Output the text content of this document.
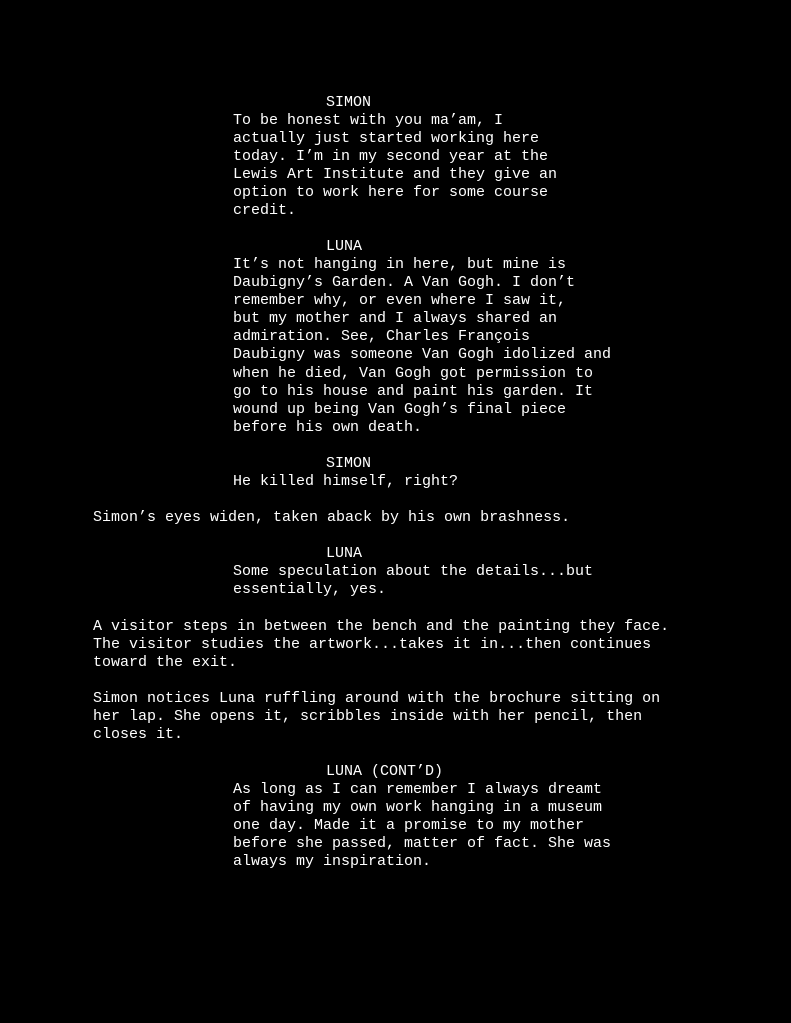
SIMON
To be honest with you ma’am, I
actually just started working here
today. I’m in my second year at the
Lewis Art Institute and they give an
option to work here for some course
credit.
LUNA
It’s not hanging in here, but mine is
Daubigny’s Garden. A Van Gogh. I don’t
remember why, or even where I saw it,
but my mother and I always shared an
admiration. See, Charles François
Daubigny was someone Van Gogh idolized and
when he died, Van Gogh got permission to
go to his house and paint his garden. It
wound up being Van Gogh’s final piece
before his own death.
SIMON
He killed himself, right?
Simon’s eyes widen, taken aback by his own brashness.
LUNA
Some speculation about the details...but
essentially, yes.
A visitor steps in between the bench and the painting they face.
The visitor studies the artwork...takes it in...then continues
toward the exit.
Simon notices Luna ruffling around with the brochure sitting on
her lap. She opens it, scribbles inside with her pencil, then
closes it.
LUNA (CONT’D)
As long as I can remember I always dreamt
of having my own work hanging in a museum
one day. Made it a promise to my mother
before she passed, matter of fact. She was
always my inspiration.
